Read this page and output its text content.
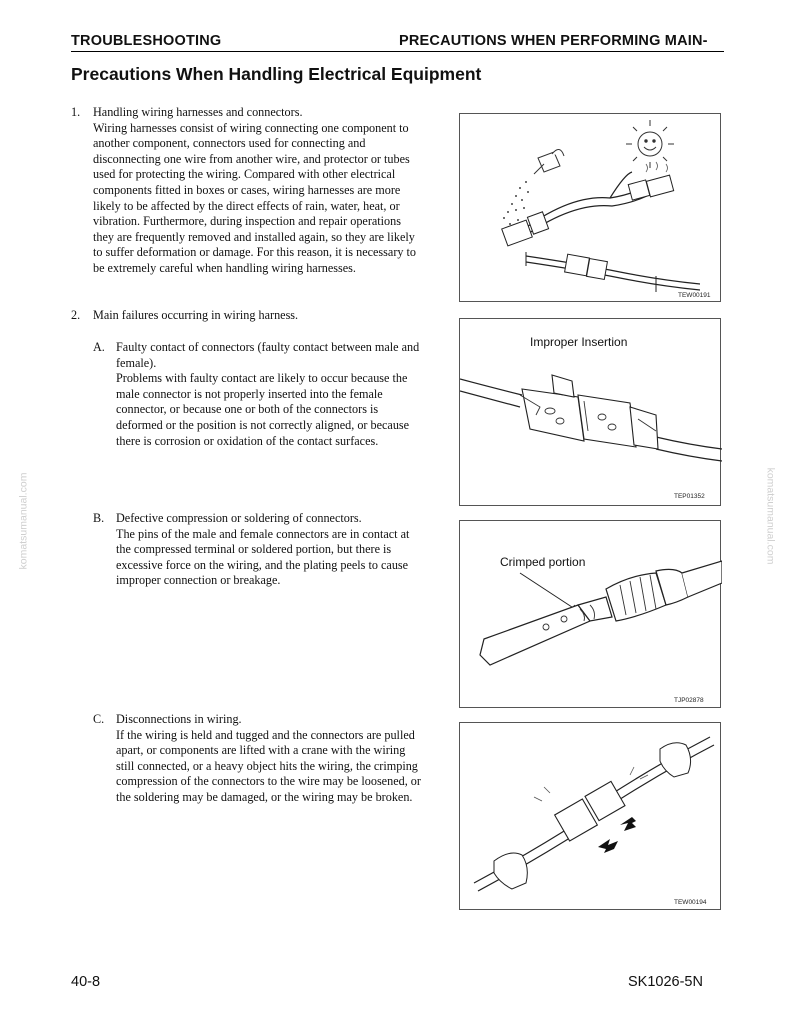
TROUBLESHOOTING	PRECAUTIONS WHEN PERFORMING MAIN-
Precautions When Handling Electrical Equipment
1. Handling wiring harnesses and connectors.
Wiring harnesses consist of wiring connecting one component to
another component, connectors used for connecting and
disconnecting one wire from another wire, and protector or tubes
used for protecting the wiring. Compared with other electrical
components fitted in boxes or cases, wiring harnesses are more
likely to be affected by the direct effects of rain, water, heat, or
vibration. Furthermore, during inspection and repair operations
they are frequently removed and installed again, so they are likely
to suffer deformation or damage. For this reason, it is necessary to
be extremely careful when handling wiring harnesses.
2. Main failures occurring in wiring harness.
A. Faulty contact of connectors (faulty contact between male and
female).
Problems with faulty contact are likely to occur because the
male connector is not properly inserted into the female
connector, or because one or both of the connectors is
deformed or the position is not correctly aligned, or because
there is corrosion or oxidation of the contact surfaces.
B. Defective compression or soldering of connectors.
The pins of the male and female connectors are in contact at
the compressed terminal or soldered portion, but there is
excessive force on the wiring, and the plating peels to cause
improper connection or breakage.
C. Disconnections in wiring.
If the wiring is held and tugged and the connectors are pulled
apart, or components are lifted with a crane with the wiring
still connected, or a heavy object hits the wiring, the crimping
compression of the connectors to the wire may be loosened, or
the soldering may be damaged, or the wiring may be broken.
TEW00191
Improper Insertion
TEP01352
Crimped portion
TJP02878
TEW00194
komatsumanual.com	komatsumanual.com
40-8	SK1026-5N
